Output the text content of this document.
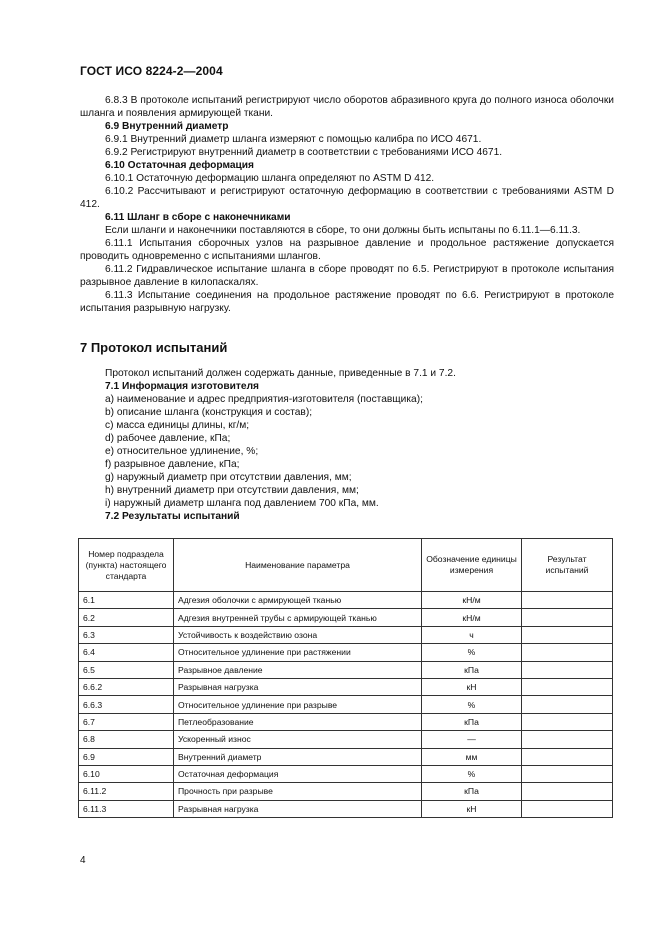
ГОСТ ИСО 8224-2—2004

6.8.3 В протоколе испытаний регистрируют число оборотов абразивного круга до полного износа оболочки шланга и появления армирующей ткани.

6.9 Внутренний диаметр

6.9.1 Внутренний диаметр шланга измеряют с помощью калибра по ИСО 4671.

6.9.2 Регистрируют внутренний диаметр в соответствии с требованиями ИСО 4671.

6.10 Остаточная деформация

6.10.1 Остаточную деформацию шланга определяют по ASTM D 412.

6.10.2 Рассчитывают и регистрируют остаточную деформацию в соответствии с требованиями ASTM D 412.

6.11 Шланг в сборе с наконечниками

Если шланги и наконечники поставляются в сборе, то они должны быть испытаны по 6.11.1—6.11.3.

6.11.1 Испытания сборочных узлов на разрывное давление и продольное растяжение допускается проводить одновременно с испытаниями шлангов.

6.11.2 Гидравлическое испытание шланга в сборе проводят по 6.5. Регистрируют в протоколе испытания разрывное давление в килопаскалях.

6.11.3 Испытание соединения на продольное растяжение проводят по 6.6. Регистрируют в протоколе испытания разрывную нагрузку.

7 Протокол испытаний

Протокол испытаний должен содержать данные, приведенные в 7.1 и 7.2.

7.1 Информация изготовителя

a) наименование и адрес предприятия-изготовителя (поставщика);

b) описание шланга (конструкция и состав);

c) масса единицы длины, кг/м;

d) рабочее давление, кПа;

e) относительное удлинение, %;

f) разрывное давление, кПа;

g) наружный диаметр при отсутствии давления, мм;

h) внутренний диаметр при отсутствии давления, мм;

i) наружный диаметр шланга под давлением 700 кПа, мм.

7.2 Результаты испытаний

Номер подраздела (пункта) настоящего стандарта	Наименование параметра	Обозначение единицы измерения	Результат испытаний
6.1	Адгезия оболочки с армирующей тканью	кН/м	
6.2	Адгезия внутренней трубы с армирующей тканью	кН/м	
6.3	Устойчивость к воздействию озона	ч	
6.4	Относительное удлинение при растяжении	%	
6.5	Разрывное давление	кПа	
6.6.2	Разрывная нагрузка	кН	
6.6.3	Относительное удлинение при разрыве	%	
6.7	Петлеобразование	кПа	
6.8	Ускоренный износ	—	
6.9	Внутренний диаметр	мм	
6.10	Остаточная деформация	%	
6.11.2	Прочность при разрыве	кПа	
6.11.3	Разрывная нагрузка	кН	
4
